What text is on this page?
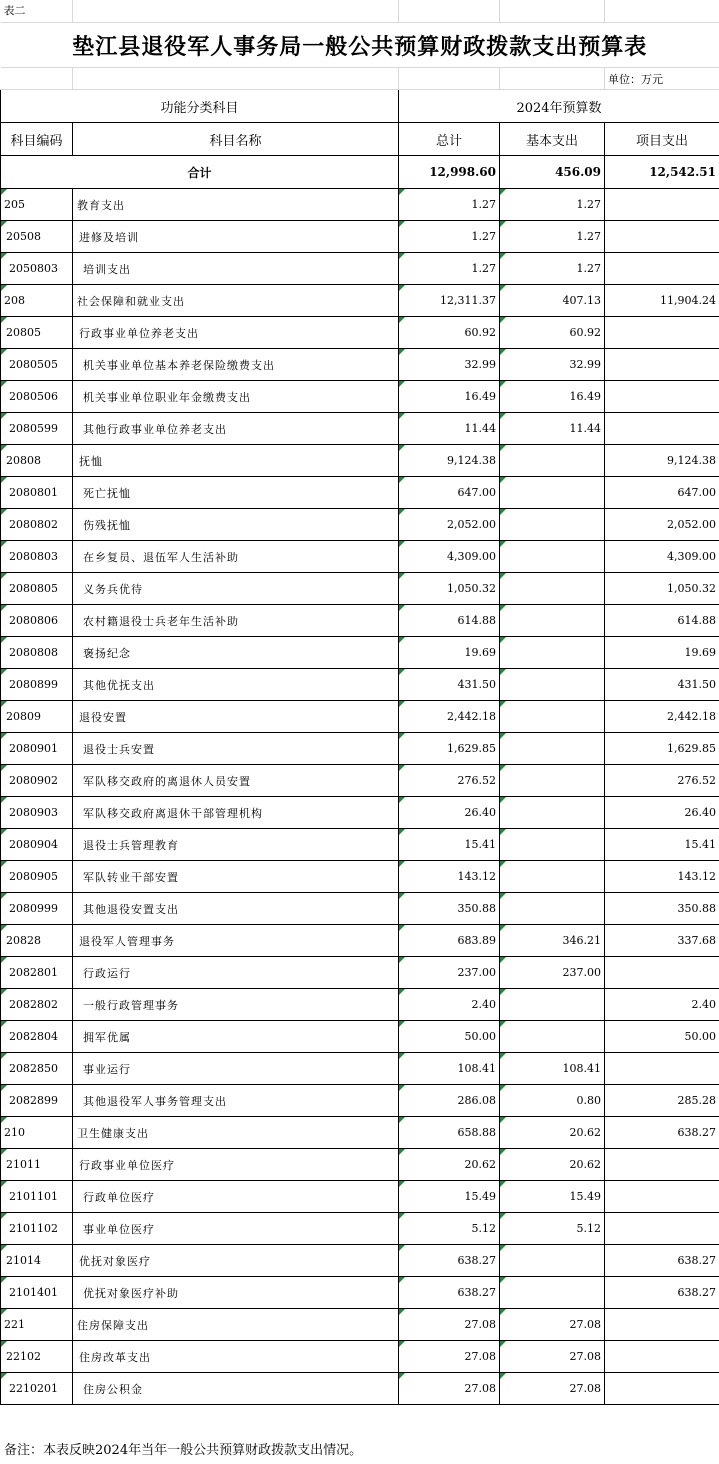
表二				
垫江县退役军人事务局一般公共预算财政拨款支出预算表				
				单位：万元
功能分类科目		2024年预算数		
科目编码	科目名称	总计	基本支出	项目支出
合计		12,998.60	456.09	12,542.51
205	教育支出	1.27	1.27	
20508	进修及培训	1.27	1.27	
2050803	培训支出	1.27	1.27	
208	社会保障和就业支出	12,311.37	407.13	11,904.24
20805	行政事业单位养老支出	60.92	60.92	
2080505	机关事业单位基本养老保险缴费支出	32.99	32.99	
2080506	机关事业单位职业年金缴费支出	16.49	16.49	
2080599	其他行政事业单位养老支出	11.44	11.44	
20808	抚恤	9,124.38		9,124.38
2080801	死亡抚恤	647.00		647.00
2080802	伤残抚恤	2,052.00		2,052.00
2080803	在乡复员、退伍军人生活补助	4,309.00		4,309.00
2080805	义务兵优待	1,050.32		1,050.32
2080806	农村籍退役士兵老年生活补助	614.88		614.88
2080808	褒扬纪念	19.69		19.69
2080899	其他优抚支出	431.50		431.50
20809	退役安置	2,442.18		2,442.18
2080901	退役士兵安置	1,629.85		1,629.85
2080902	军队移交政府的离退休人员安置	276.52		276.52
2080903	军队移交政府离退休干部管理机构	26.40		26.40
2080904	退役士兵管理教育	15.41		15.41
2080905	军队转业干部安置	143.12		143.12
2080999	其他退役安置支出	350.88		350.88
20828	退役军人管理事务	683.89	346.21	337.68
2082801	行政运行	237.00	237.00	
2082802	一般行政管理事务	2.40		2.40
2082804	拥军优属	50.00		50.00
2082850	事业运行	108.41	108.41	
2082899	其他退役军人事务管理支出	286.08	0.80	285.28
210	卫生健康支出	658.88	20.62	638.27
21011	行政事业单位医疗	20.62	20.62	
2101101	行政单位医疗	15.49	15.49	
2101102	事业单位医疗	5.12	5.12	
21014	优抚对象医疗	638.27		638.27
2101401	优抚对象医疗补助	638.27		638.27
221	住房保障支出	27.08	27.08	
22102	住房改革支出	27.08	27.08	
2210201	住房公积金	27.08	27.08	
备注：本表反映2024年当年一般公共预算财政拨款支出情况。
